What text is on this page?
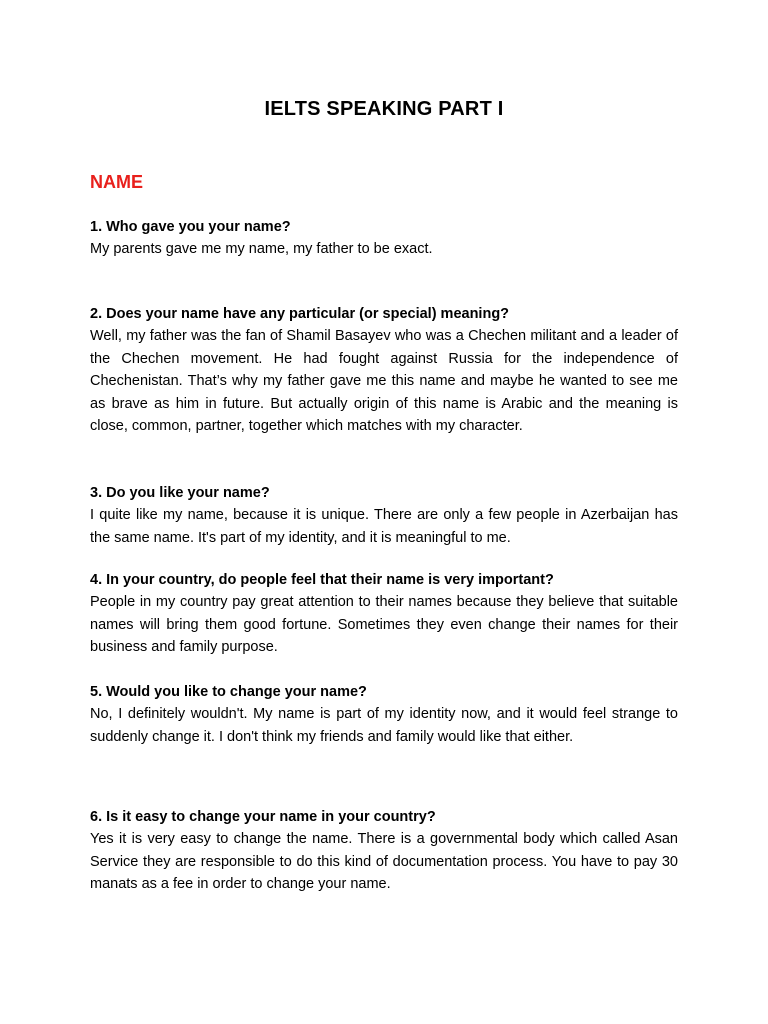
IELTS SPEAKING PART I
NAME

1. Who gave you your name?

My parents gave me my name, my father to be exact.

2. Does your name have any particular (or special) meaning?

Well, my father was the fan of Shamil Basayev who was a Chechen militant and a leader of the Chechen movement. He had fought against Russia for the independence of Chechenistan. That’s why my father gave me this name and maybe he wanted to see me as brave as him in future. But actually origin of this name is Arabic and the meaning is close, common, partner, together which matches with my character.

3. Do you like your name?

I quite like my name, because it is unique. There are only a few people in Azerbaijan has the same name. It's part of my identity, and it is meaningful to me.

4. In your country, do people feel that their name is very important?

People in my country pay great attention to their names because they believe that suitable names will bring them good fortune. Sometimes they even change their names for their business and family purpose.

5. Would you like to change your name?

No, I definitely wouldn't. My name is part of my identity now, and it would feel strange to suddenly change it. I don't think my friends and family would like that either.

6. Is it easy to change your name in your country?

Yes it is very easy to change the name. There is a governmental body which called Asan Service they are responsible to do this kind of documentation process. You have to pay 30 manats as a fee in order to change your name.
